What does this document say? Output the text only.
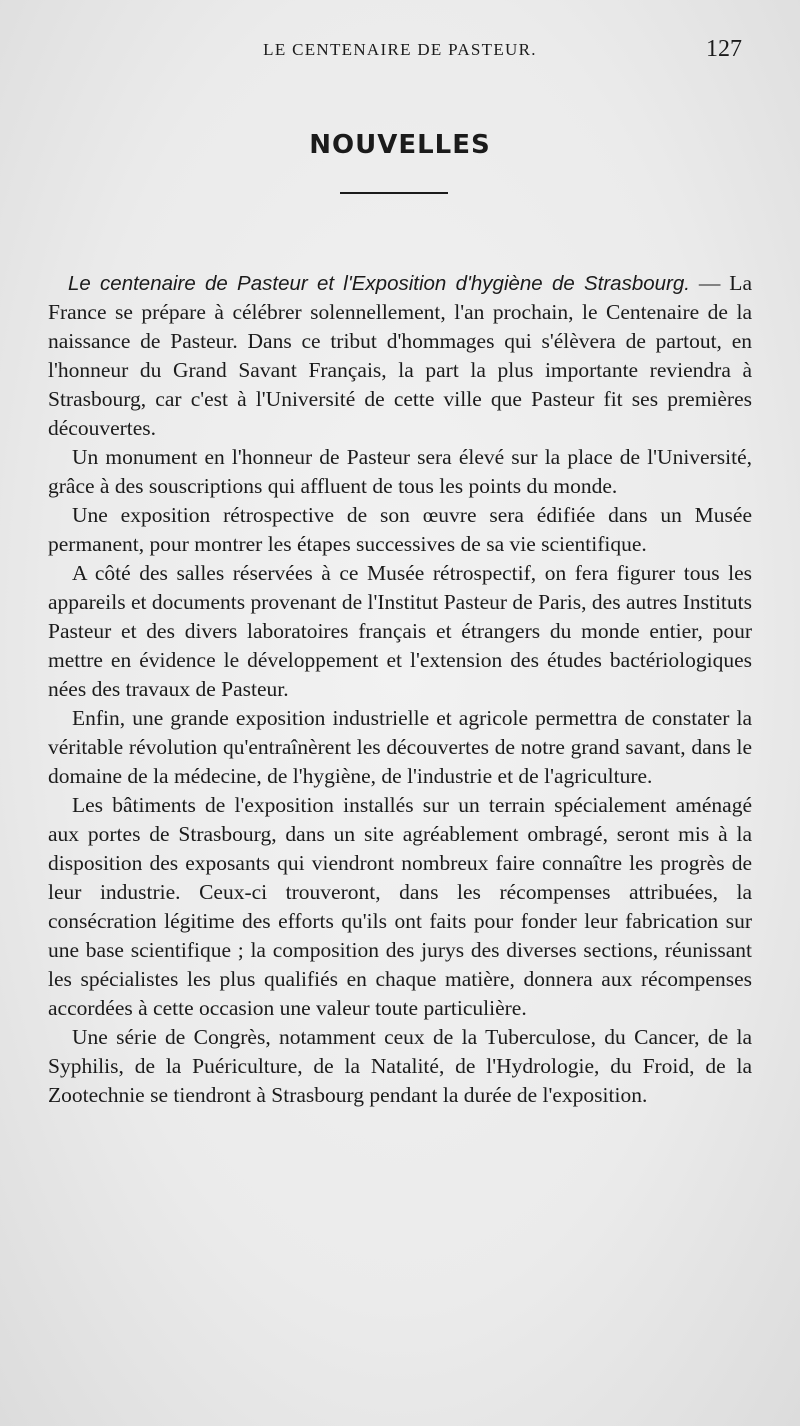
LE CENTENAIRE DE PASTEUR.	127
NOUVELLES

Le centenaire de Pasteur et l'Exposition d'hygiène de Strasbourg. — La France se prépare à célébrer solennellement, l'an prochain, le Centenaire de la naissance de Pasteur. Dans ce tribut d'hommages qui s'élèvera de partout, en l'honneur du Grand Savant Français, la part la plus importante reviendra à Strasbourg, car c'est à l'Université de cette ville que Pasteur fit ses premières découvertes.

Un monument en l'honneur de Pasteur sera élevé sur la place de l'Université, grâce à des souscriptions qui affluent de tous les points du monde.

Une exposition rétrospective de son œuvre sera édifiée dans un Musée permanent, pour montrer les étapes successives de sa vie scientifique.

A côté des salles réservées à ce Musée rétrospectif, on fera figurer tous les appareils et documents provenant de l'Institut Pasteur de Paris, des autres Instituts Pasteur et des divers laboratoires français et étrangers du monde entier, pour mettre en évidence le développement et l'extension des études bactériologiques nées des travaux de Pasteur.

Enfin, une grande exposition industrielle et agricole permettra de constater la véritable révolution qu'entraînèrent les découvertes de notre grand savant, dans le domaine de la médecine, de l'hygiène, de l'industrie et de l'agriculture.

Les bâtiments de l'exposition installés sur un terrain spécialement aménagé aux portes de Strasbourg, dans un site agréablement ombragé, seront mis à la disposition des exposants qui viendront nombreux faire connaître les progrès de leur industrie. Ceux-ci trouveront, dans les récompenses attribuées, la consécration légitime des efforts qu'ils ont faits pour fonder leur fabrication sur une base scientifique ; la composition des jurys des diverses sections, réunissant les spécialistes les plus qualifiés en chaque matière, donnera aux récompenses accordées à cette occasion une valeur toute particulière.

Une série de Congrès, notamment ceux de la Tuberculose, du Cancer, de la Syphilis, de la Puériculture, de la Natalité, de l'Hydrologie, du Froid, de la Zootechnie se tiendront à Strasbourg pendant la durée de l'exposition.
